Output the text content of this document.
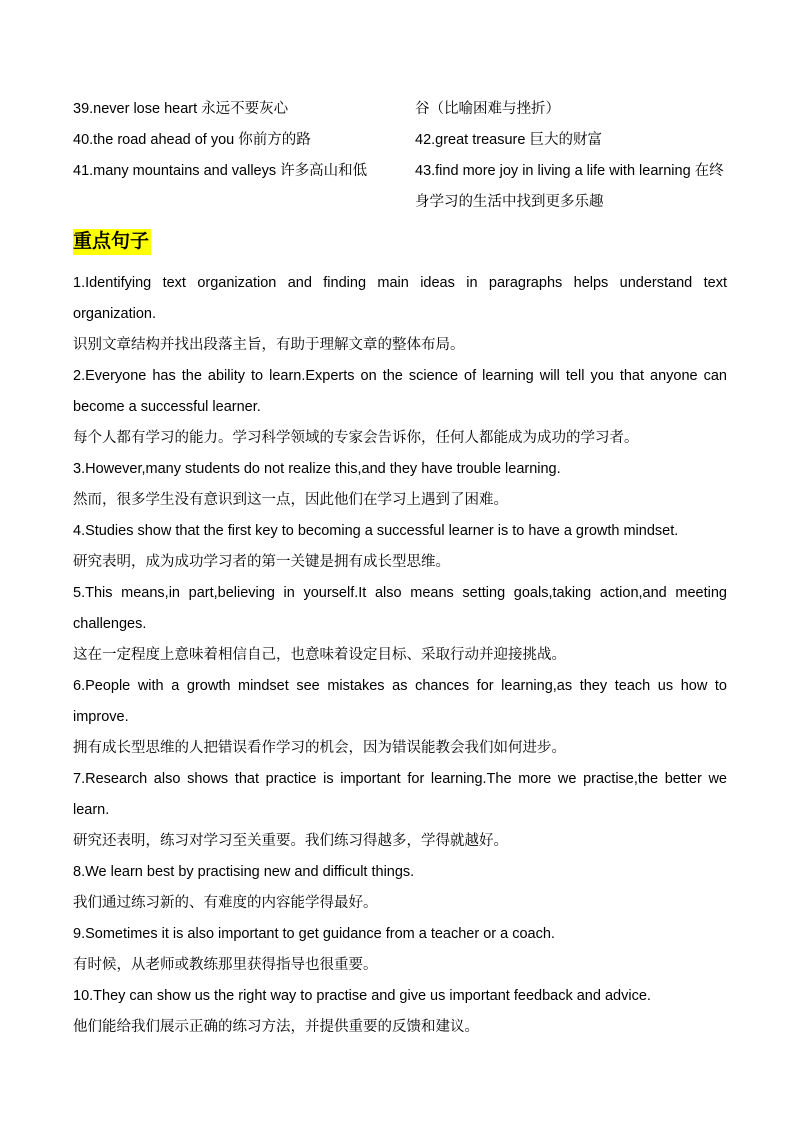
39.never lose heart 永远不要灰心
40.the road ahead of you 你前方的路
41.many mountains and valleys 许多高山和低
谷（比喻困难与挫折）
42.great treasure 巨大的财富
43.find more joy in living a life with learning 在终身学习的生活中找到更多乐趣
重点句子
1.Identifying text organization and finding main ideas in paragraphs helps understand text organization.
识别文章结构并找出段落主旨，有助于理解文章的整体布局。
2.Everyone has the ability to learn.Experts on the science of learning will tell you that anyone can become a successful learner.
每个人都有学习的能力。学习科学领域的专家会告诉你，任何人都能成为成功的学习者。
3.However,many students do not realize this,and they have trouble learning.
然而，很多学生没有意识到这一点，因此他们在学习上遇到了困难。
4.Studies show that the first key to becoming a successful learner is to have a growth mindset.
研究表明，成为成功学习者的第一关键是拥有成长型思维。
5.This means,in part,believing in yourself.It also means setting goals,taking action,and meeting challenges.
这在一定程度上意味着相信自己，也意味着设定目标、采取行动并迎接挑战。
6.People with a growth mindset see mistakes as chances for learning,as they teach us how to improve.
拥有成长型思维的人把错误看作学习的机会，因为错误能教会我们如何进步。
7.Research also shows that practice is important for learning.The more we practise,the better we learn.
研究还表明，练习对学习至关重要。我们练习得越多，学得就越好。
8.We learn best by practising new and difficult things.
我们通过练习新的、有难度的内容能学得最好。
9.Sometimes it is also important to get guidance from a teacher or a coach.
有时候，从老师或教练那里获得指导也很重要。
10.They can show us the right way to practise and give us important feedback and advice.
他们能给我们展示正确的练习方法，并提供重要的反馈和建议。
